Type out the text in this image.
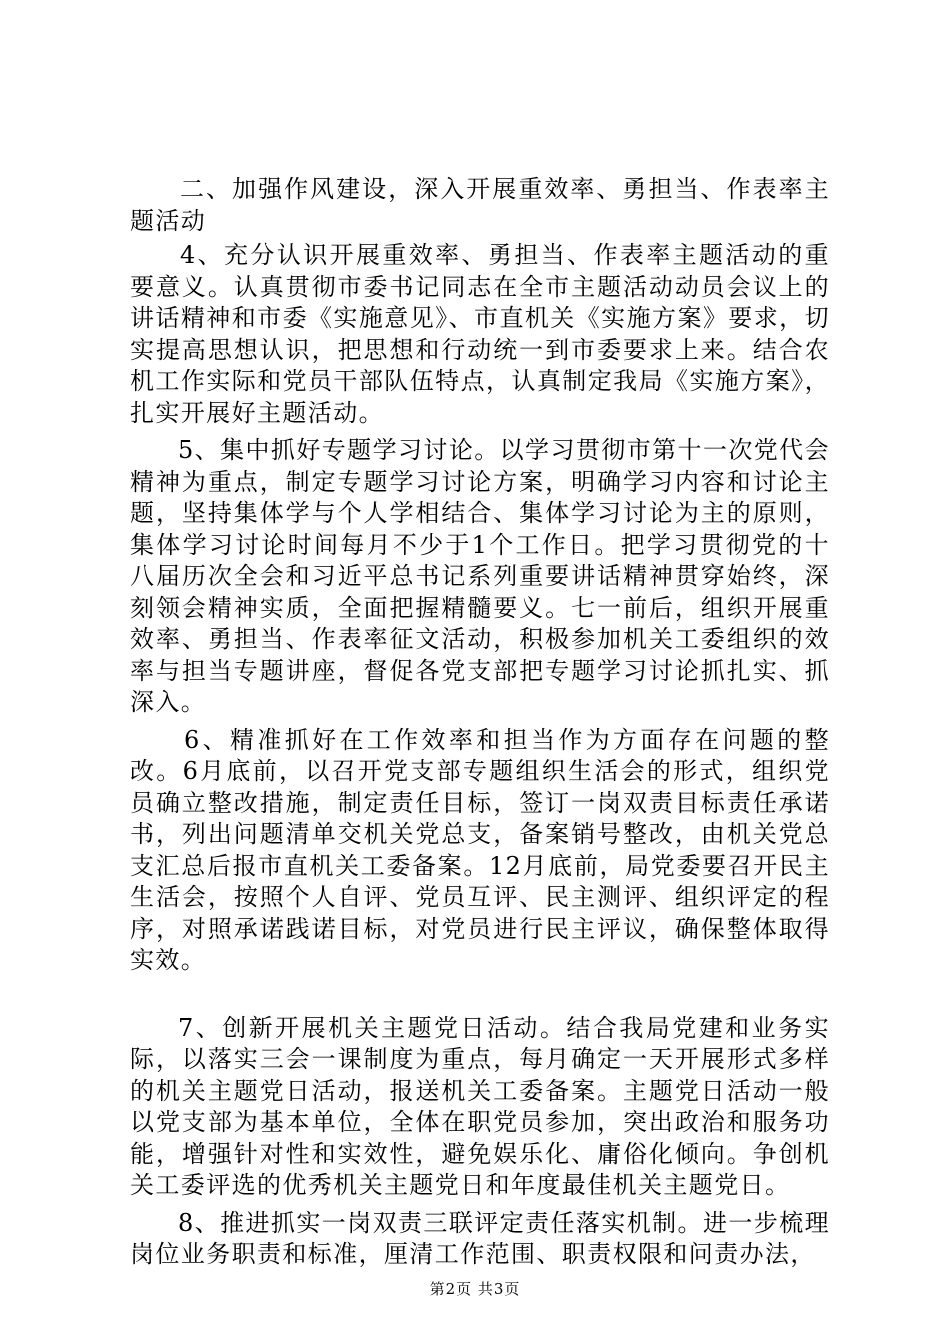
二、加强作风建设，深入开展重效率、勇担当、作表率主题活动

4、充分认识开展重效率、勇担当、作表率主题活动的重要意义。认真贯彻市委书记同志在全市主题活动动员会议上的讲话精神和市委《实施意见》、市直机关《实施方案》要求，切实提高思想认识，把思想和行动统一到市委要求上来。结合农机工作实际和党员干部队伍特点，认真制定我局《实施方案》，扎实开展好主题活动。

5、集中抓好专题学习讨论。以学习贯彻市第十一次党代会精神为重点，制定专题学习讨论方案，明确学习内容和讨论主题，坚持集体学与个人学相结合、集体学习讨论为主的原则，集体学习讨论时间每月不少于1个工作日。把学习贯彻党的十八届历次全会和习近平总书记系列重要讲话精神贯穿始终，深刻领会精神实质，全面把握精髓要义。七一前后，组织开展重效率、勇担当、作表率征文活动，积极参加机关工委组织的效率与担当专题讲座，督促各党支部把专题学习讨论抓扎实、抓深入。

6、精准抓好在工作效率和担当作为方面存在问题的整改。6月底前，以召开党支部专题组织生活会的形式，组织党员确立整改措施，制定责任目标，签订一岗双责目标责任承诺书，列出问题清单交机关党总支，备案销号整改，由机关党总支汇总后报市直机关工委备案。12月底前，局党委要召开民主生活会，按照个人自评、党员互评、民主测评、组织评定的程序，对照承诺践诺目标，对党员进行民主评议，确保整体取得实效。

7、创新开展机关主题党日活动。结合我局党建和业务实际，以落实三会一课制度为重点，每月确定一天开展形式多样的机关主题党日活动，报送机关工委备案。主题党日活动一般以党支部为基本单位，全体在职党员参加，突出政治和服务功能，增强针对性和实效性，避免娱乐化、庸俗化倾向。争创机关工委评选的优秀机关主题党日和年度最佳机关主题党日。

8、推进抓实一岗双责三联评定责任落实机制。进一步梳理岗位业务职责和标准，厘清工作范围、职责权限和问责办法，

第2页 共3页
